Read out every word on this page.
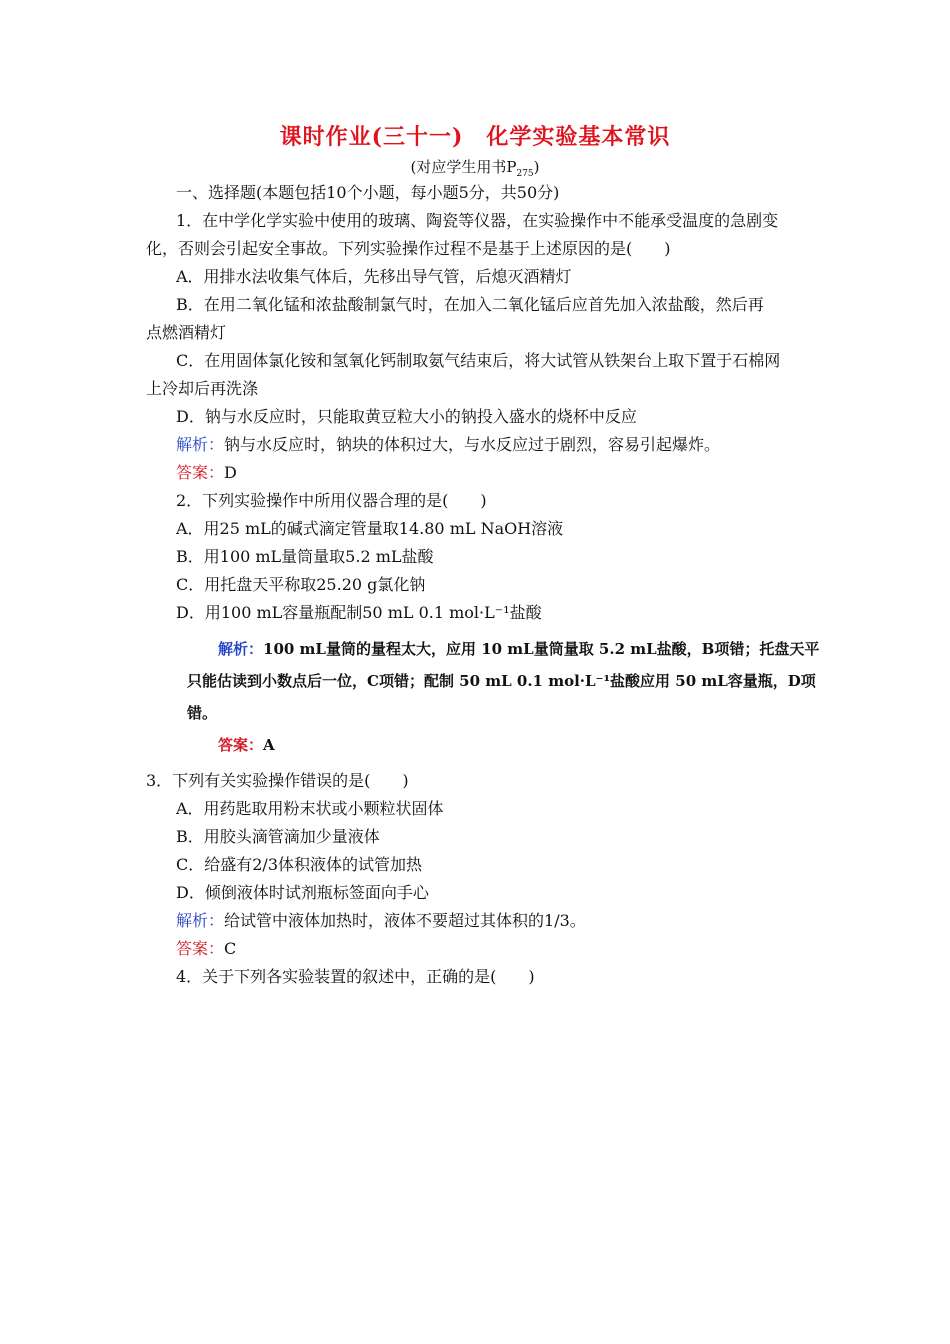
课时作业(三十一)　化学实验基本常识
(对应学生用书$P_{275}$)
一、选择题(本题包括10个小题，每小题5分，共50分)
1．在中学化学实验中使用的玻璃、陶瓷等仪器，在实验操作中不能承受温度的急剧变
化，否则会引起安全事故。下列实验操作过程不是基于上述原因的是(　　)
A．用排水法收集气体后，先移出导气管，后熄灭酒精灯
B．在用二氧化锰和浓盐酸制氯气时，在加入二氧化锰后应首先加入浓盐酸，然后再
点燃酒精灯
C．在用固体氯化铵和氢氧化钙制取氨气结束后，将大试管从铁架台上取下置于石棉网
上冷却后再洗涤
D．钠与水反应时，只能取黄豆粒大小的钠投入盛水的烧杯中反应
解析：钠与水反应时，钠块的体积过大，与水反应过于剧烈，容易引起爆炸。
答案：D
2．下列实验操作中所用仪器合理的是(　　)
A．用25 mL的碱式滴定管量取14.80 mL NaOH溶液
B．用100 mL量筒量取5.2 mL盐酸
C．用托盘天平称取25.20 g氯化钠
D．用100 mL容量瓶配制50 mL 0.1 mol·L⁻¹盐酸
解析：100 mL量筒的量程太大，应用 10 mL量筒量取 5.2 mL盐酸，B项错；托盘天平
只能估读到小数点后一位，C项错；配制 50 mL 0.1 mol·L⁻¹盐酸应用 50 mL容量瓶，D项
错。
答案：A
3．下列有关实验操作错误的是(　　)
A．用药匙取用粉末状或小颗粒状固体
B．用胶头滴管滴加少量液体
C．给盛有2/3体积液体的试管加热
D．倾倒液体时试剂瓶标签面向手心
解析：给试管中液体加热时，液体不要超过其体积的1/3。
答案：C
4．关于下列各实验装置的叙述中，正确的是(　　)
